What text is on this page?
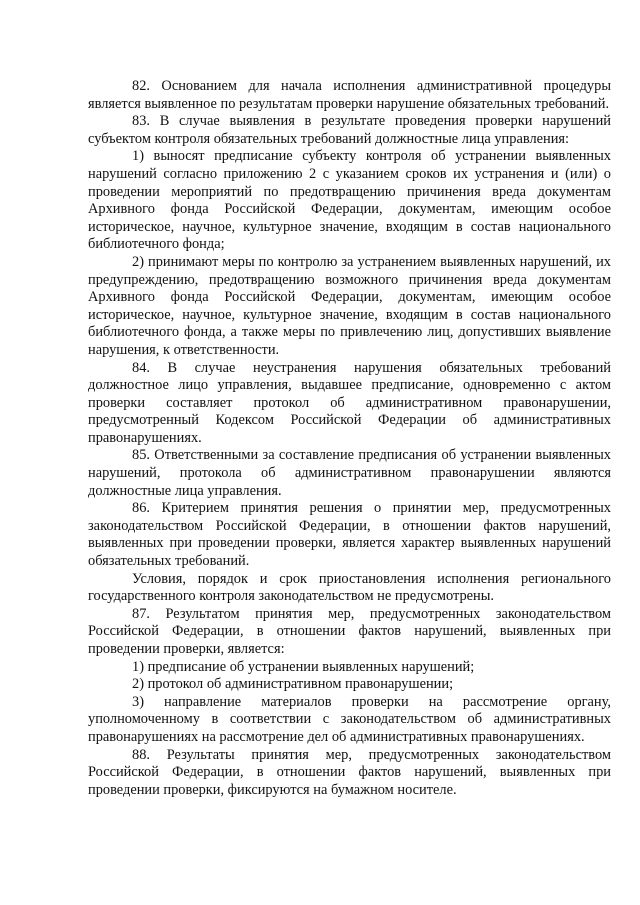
82. Основанием для начала исполнения административной процедуры является выявленное по результатам проверки нарушение обязательных требований.

83. В случае выявления в результате проведения проверки нарушений субъектом контроля обязательных требований должностные лица управления:

1) выносят предписание субъекту контроля об устранении выявленных нарушений согласно приложению 2 с указанием сроков их устранения и (или) о проведении мероприятий по предотвращению причинения вреда документам Архивного фонда Российской Федерации, документам, имеющим особое историческое, научное, культурное значение, входящим в состав национального библиотечного фонда;

2) принимают меры по контролю за устранением выявленных нарушений, их предупреждению, предотвращению возможного причинения вреда документам Архивного фонда Российской Федерации, документам, имеющим особое историческое, научное, культурное значение, входящим в состав национального библиотечного фонда, а также меры по привлечению лиц, допустивших выявление нарушения, к ответственности.

84. В случае неустранения нарушения обязательных требований должностное лицо управления, выдавшее предписание, одновременно с актом проверки составляет протокол об административном правонарушении, предусмотренный Кодексом Российской Федерации об административных правонарушениях.

85. Ответственными за составление предписания об устранении выявленных нарушений, протокола об административном правонарушении являются должностные лица управления.

86. Критерием принятия решения о принятии мер, предусмотренных законодательством Российской Федерации, в отношении фактов нарушений, выявленных при проведении проверки, является характер выявленных нарушений обязательных требований.

Условия, порядок и срок приостановления исполнения регионального государственного контроля законодательством не предусмотрены.

87. Результатом принятия мер, предусмотренных законодательством Российской Федерации, в отношении фактов нарушений, выявленных при проведении проверки, является:

1) предписание об устранении выявленных нарушений;

2) протокол об административном правонарушении;

3) направление материалов проверки на рассмотрение органу, уполномоченному в соответствии с законодательством об административных правонарушениях на рассмотрение дел об административных правонарушениях.

88. Результаты принятия мер, предусмотренных законодательством Российской Федерации, в отношении фактов нарушений, выявленных при проведении проверки, фиксируются на бумажном носителе.
